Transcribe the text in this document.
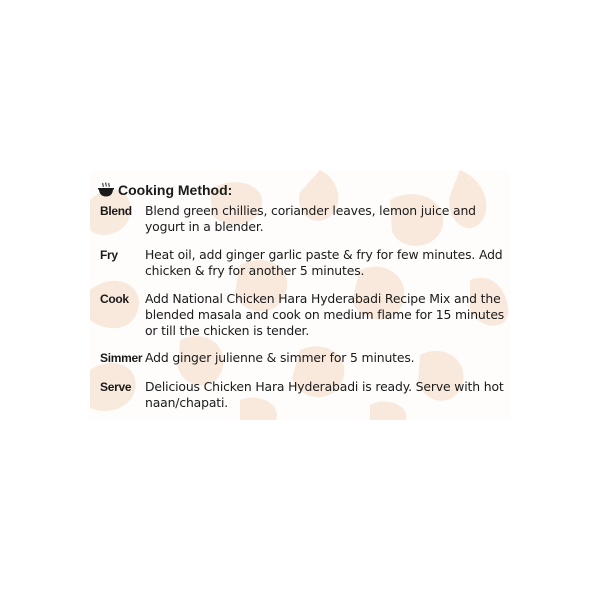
Cooking Method:
Blend	Blend green chillies, coriander leaves, lemon juice and yogurt in a blender.
Fry	Heat oil, add ginger garlic paste & fry for few minutes. Add chicken & fry for another 5 minutes.
Cook	Add National Chicken Hara Hyderabadi Recipe Mix and the blended masala and cook on medium flame for 15 minutes or till the chicken is tender.
Simmer Add ginger julienne & simmer for 5 minutes.
Serve	Delicious Chicken Hara Hyderabadi is ready. Serve with hot naan/chapati.
